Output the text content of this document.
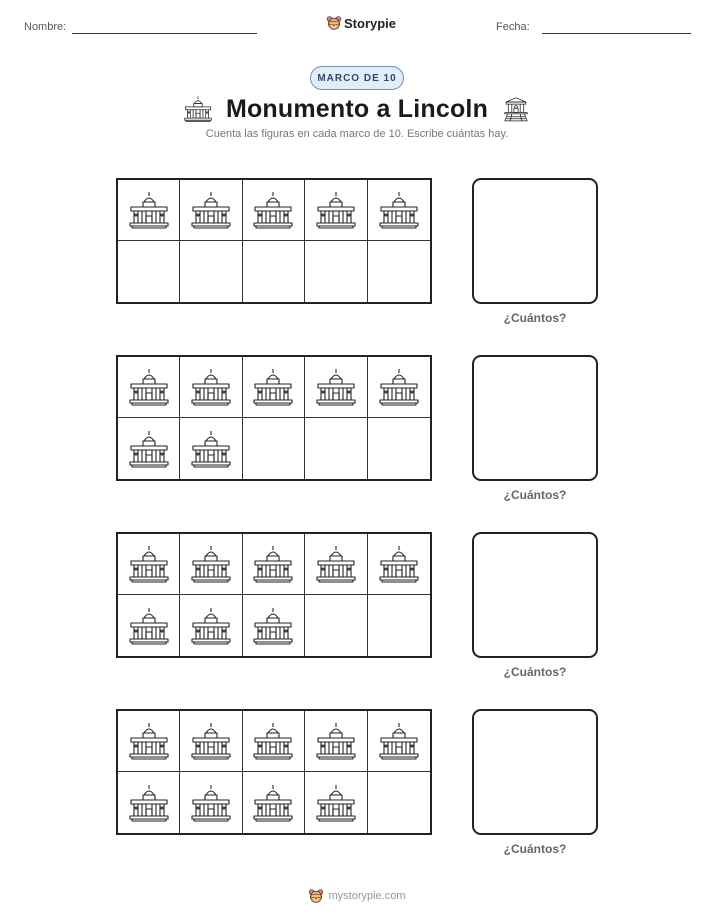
Nombre:	Storypie	Fecha:
MARCO DE 10
Monumento a Lincoln
Cuenta las figuras en cada marco de 10. Escribe cuántas hay.
¿Cuántos?
¿Cuántos?
¿Cuántos?
¿Cuántos?
mystorypie.com
